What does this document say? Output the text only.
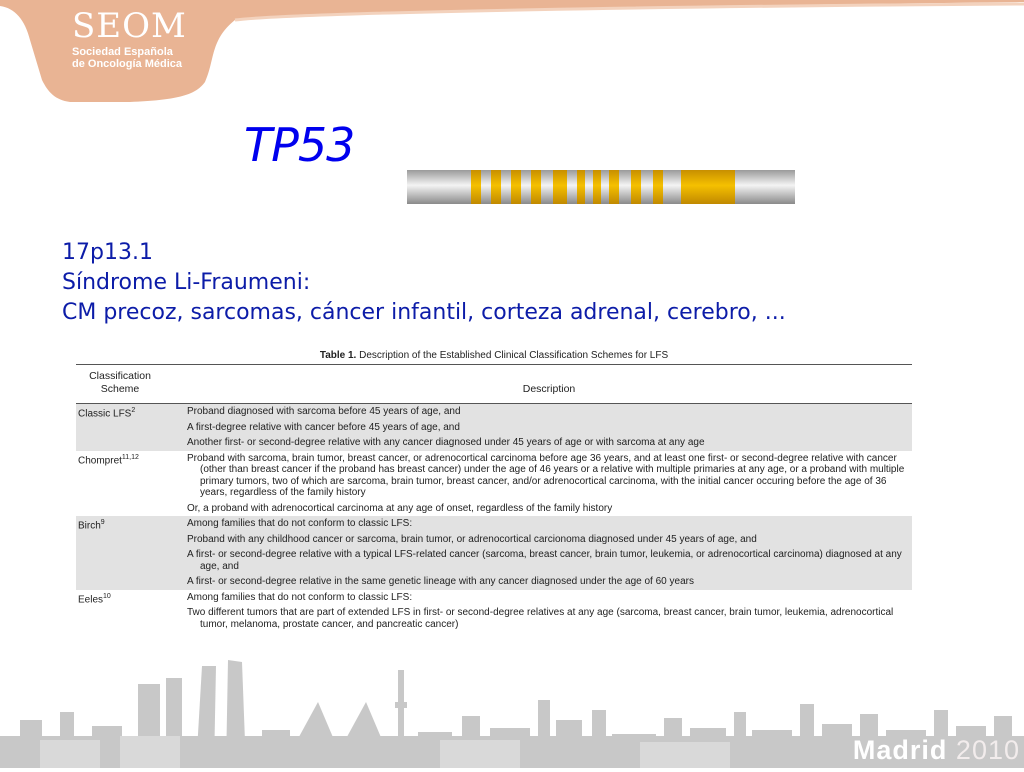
SEOM
Sociedad Española
de Oncología Médica
TP53
17p13.1
Síndrome Li-Fraumeni:
CM precoz, sarcomas, cáncer infantil, corteza adrenal, cerebro, ...
Table 1. Description of the Established Clinical Classification Schemes for LFS
Classification Scheme	Description
Classic LFS$^2$	Proband diagnosed with sarcoma before 45 years of age, and
A first-degree relative with cancer before 45 years of age, and
Another first- or second-degree relative with any cancer diagnosed under 45 years of age or with sarcoma at any age
Chompret$^{11,12}$	Proband with sarcoma, brain tumor, breast cancer, or adrenocortical carcinoma before age 36 years, and at least one first- or second-degree relative with cancer (other than breast cancer if the proband has breast cancer) under the age of 46 years or a relative with multiple primaries at any age, or a proband with multiple primary tumors, two of which are sarcoma, brain tumor, breast cancer, and/or adrenocortical carcinoma, with the initial cancer occuring before the age of 36 years, regardless of the family history
Or, a proband with adrenocortical carcinoma at any age of onset, regardless of the family history
Birch$^9$	Among families that do not conform to classic LFS:
Proband with any childhood cancer or sarcoma, brain tumor, or adrenocortical carcionoma diagnosed under 45 years of age, and
A first- or second-degree relative with a typical LFS-related cancer (sarcoma, breast cancer, brain tumor, leukemia, or adrenocortical carcinoma) diagnosed at any age, and
A first- or second-degree relative in the same genetic lineage with any cancer diagnosed under the age of 60 years
Eeles$^{10}$	Among families that do not conform to classic LFS:
Two different tumors that are part of extended LFS in first- or second-degree relatives at any age (sarcoma, breast cancer, brain tumor, leukemia, adrenocortical tumor, melanoma, prostate cancer, and pancreatic cancer)
Madrid 2010
